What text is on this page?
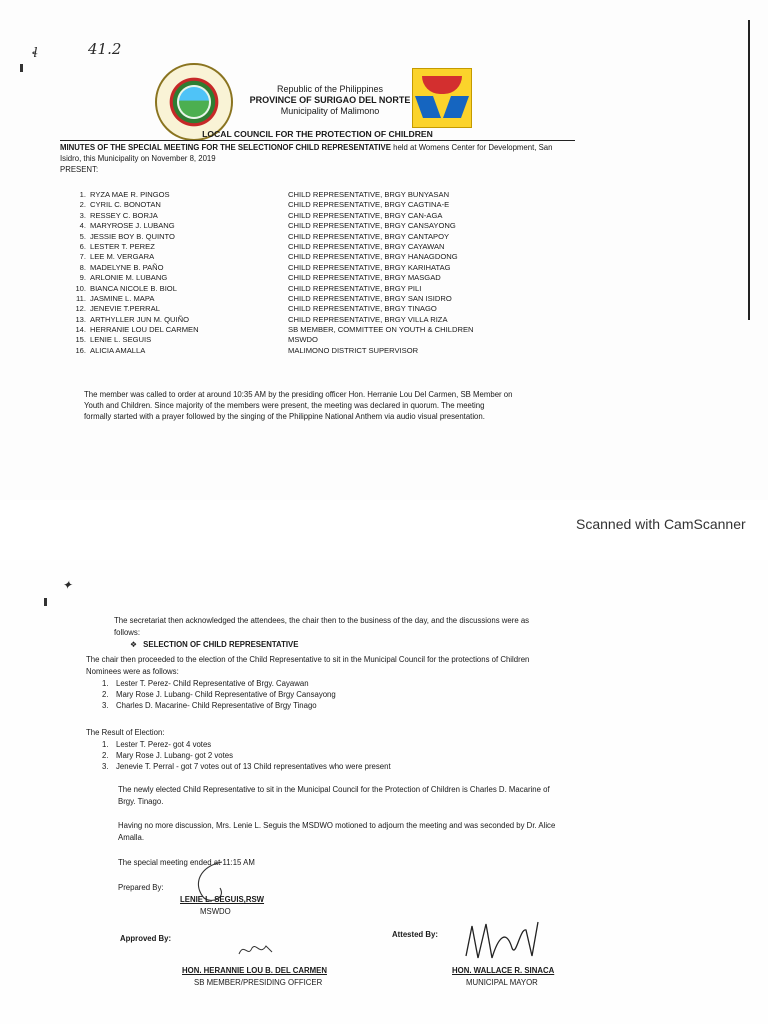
ɬ	41.2
Republic of the Philippines
PROVINCE OF SURIGAO DEL NORTE
Municipality of Malimono
LOCAL COUNCIL FOR THE PROTECTION OF CHILDREN
MINUTES OF THE SPECIAL MEETING FOR THE SELECTIONOF CHILD REPRESENTATIVE held at Womens Center for Development, San
Isidro, this Municipality on November 8, 2019
PRESENT:
1. RYZA MAE R. PINGOS	CHILD REPRESENTATIVE, BRGY BUNYASAN
2. CYRIL C. BONOTAN	CHILD REPRESENTATIVE, BRGY CAGTINA-E
3. RESSEY C. BORJA	CHILD REPRESENTATIVE, BRGY CAN-AGA
4. MARYROSE J. LUBANG	CHILD REPRESENTATIVE, BRGY CANSAYONG
5. JESSIE BOY B. QUINTO	CHILD REPRESENTATIVE, BRGY CANTAPOY
6. LESTER T. PEREZ	CHILD REPRESENTATIVE, BRGY CAYAWAN
7. LEE M. VERGARA	CHILD REPRESENTATIVE, BRGY HANAGDONG
8. MADELYNE B. PAÑO	CHILD REPRESENTATIVE, BRGY KARIHATAG
9. ARLONIE M. LUBANG	CHILD REPRESENTATIVE, BRGY MASGAD
10. BIANCA NICOLE B. BIOL	CHILD REPRESENTATIVE, BRGY PILI
11. JASMINE L. MAPA	CHILD REPRESENTATIVE, BRGY SAN ISIDRO
12. JENEVIE T.PERRAL	CHILD REPRESENTATIVE, BRGY TINAGO
13. ARTHYLLER JUN M. QUIÑO	CHILD REPRESENTATIVE, BRGY VILLA RIZA
14. HERRANIE LOU DEL CARMEN	SB MEMBER, COMMITTEE ON YOUTH & CHILDREN
15. LENIE L. SEGUIS	MSWDO
16. ALICIA AMALLA	MALIMONO DISTRICT SUPERVISOR
The member was called to order at around 10:35 AM by the presiding officer Hon. Herranie Lou Del Carmen, SB Member on
Youth and Children. Since majority of the members were present, the meeting was declared in quorum. The meeting
formally started with a prayer followed by the singing of the Philippine National Anthem via audio visual presentation.
Scanned with CamScanner
✦
The secretariat then acknowledged the attendees, the chair then to the business of the day, and the discussions were as
follows:
❖ SELECTION OF CHILD REPRESENTATIVE
The chair then proceeded to the election of the Child Representative to sit in the Municipal Council for the protections of Children
Nominees were as follows:
1. Lester T. Perez- Child Representative of Brgy. Cayawan
2. Mary Rose J. Lubang- Child Representative of Brgy Cansayong
3. Charles D. Macarine- Child Representative of Brgy Tinago
The Result of Election:
1. Lester T. Perez- got 4 votes
2. Mary Rose J. Lubang- got 2 votes
3. Jenevie T. Perral - got 7 votes out of 13 Child representatives who were present
The newly elected Child Representative to sit in the Municipal Council for the Protection of Children is Charles D. Macarine of
Brgy. Tinago.
Having no more discussion, Mrs. Lenie L. Seguis the MSDWO motioned to adjourn the meeting and was seconded by Dr. Alice
Amalla.
The special meeting ended at 11:15 AM
Prepared By:
LENIE L. SEGUIS,RSW
MSWDO
Approved By:	Attested By:
HON. HERANNIE LOU B. DEL CARMEN
SB MEMBER/PRESIDING OFFICER
HON. WALLACE R. SINACA
MUNICIPAL MAYOR
